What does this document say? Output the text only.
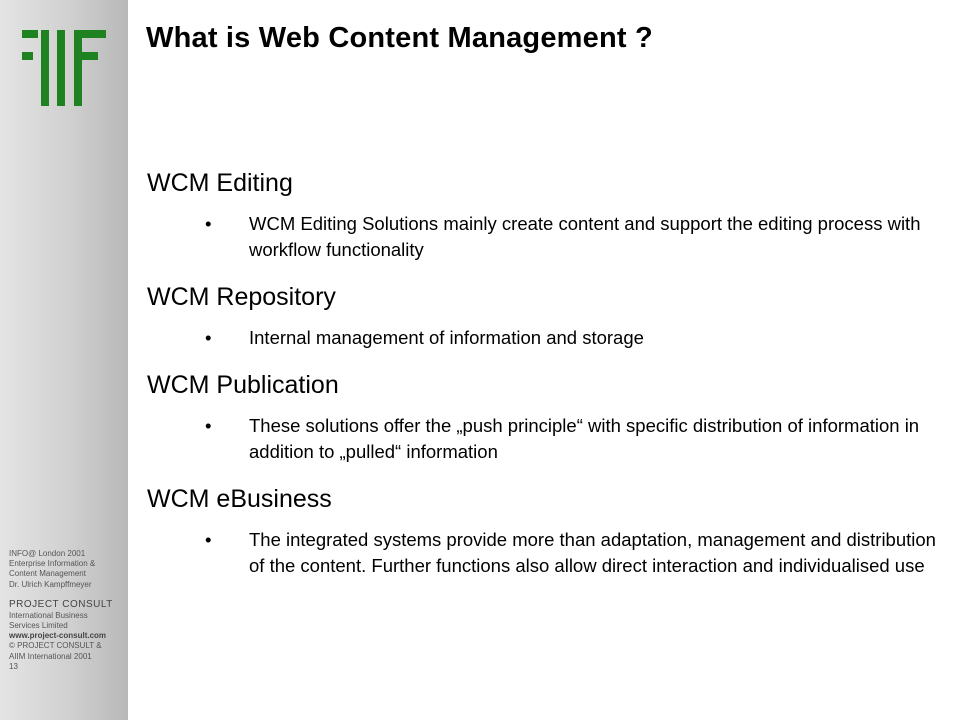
INFO@ London 2001
Enterprise Information &
Content Management
Dr. Ulrich Kampffmeyer
PROJECT CONSULT
International Business
Services Limited
www.project-consult.com
© PROJECT CONSULT &
AIIM International 2001
13
What is Web Content Management ?
WCM Editing
• WCM Editing Solutions mainly create content and support the editing process with workflow functionality
WCM Repository
• Internal management of information and storage
WCM Publication
• These solutions offer the „push principle“ with specific distribution of information in addition to „pulled“ information
WCM eBusiness
• The integrated systems provide more than adaptation, management and distribution of the content. Further functions also allow direct interaction and individualised use
